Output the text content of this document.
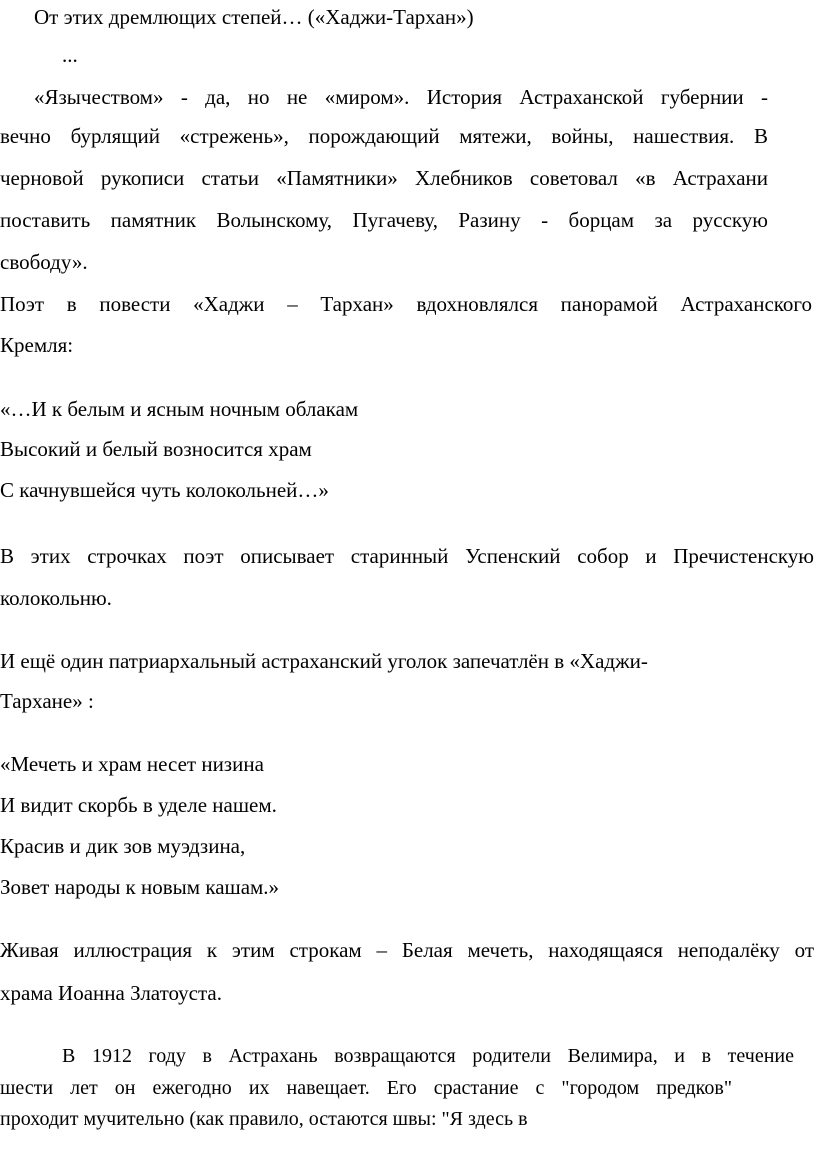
От этих дремлющих степей… («Хаджи-Тархан»)

...

«Язычеством» - да, но не «миром». История Астраханской губернии -

вечно бурлящий «стрежень», порождающий мятежи, войны, нашествия. В

черновой рукописи статьи «Памятники» Хлебников советовал «в Астрахани

поставить памятник Волынскому, Пугачеву, Разину - борцам за русскую

свободу».

Поэт в повести «Хаджи – Тархан» вдохновлялся панорамой Астраханского

Кремля:

«…И к белым и ясным ночным облакам

Высокий и белый возносится храм

С качнувшейся чуть колокольней…»

В этих строчках поэт описывает старинный Успенский собор и Пречистенскую

колокольню.

И ещё один патриархальный астраханский уголок запечатлён в «Хаджи-

Тархане» :

«Мечеть и храм несет низина

И видит скорбь в уделе нашем.

Красив и дик зов муэдзина,

Зовет народы к новым кашам.»

Живая иллюстрация к этим строкам – Белая мечеть, находящаяся неподалёку от

храма Иоанна Златоуста.

В 1912 году в Астрахань возвращаются родители Велимира, и в течение

шести лет он ежегодно их навещает. Его срастание с "городом предков"

проходит мучительно (как правило, остаются швы: "Я здесь в
